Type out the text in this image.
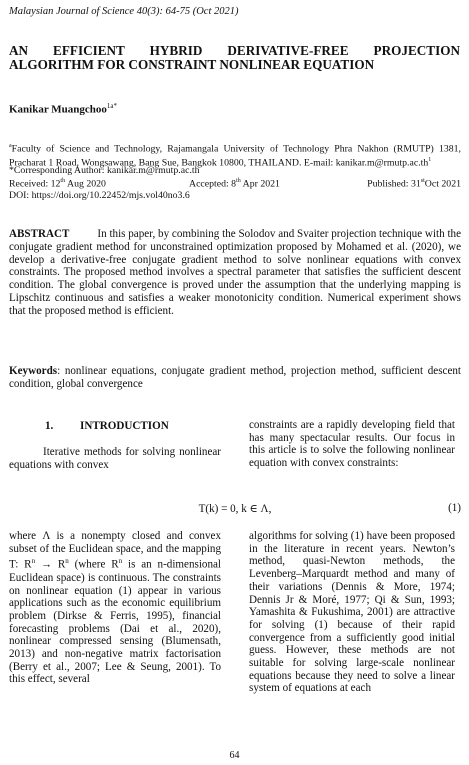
Malaysian Journal of Science 40(3): 64-75 (Oct 2021)
AN EFFICIENT HYBRID DERIVATIVE-FREE PROJECTION
ALGORITHM FOR CONSTRAINT NONLINEAR EQUATION
Kanikar Muangchoo$^{1a*}$
$^a$Faculty of Science and Technology, Rajamangala University of Technology Phra Nakhon (RMUTP) 1381, Pracharat 1 Road, Wongsawang, Bang Sue, Bangkok 10800, THAILAND. E-mail: $kanikar.m@rmutp.ac.th^1$
*Corresponding Author: kanikar.m@rmutp.ac.th
Received: 12th Aug 2020	Accepted: 8th Apr 2021	Published: 31stOct 2021
DOI: https://doi.org/10.22452/mjs.vol40no3.6
ABSTRACT	In this paper, by combining the Solodov and Svaiter projection technique with the conjugate gradient method for unconstrained optimization proposed by Mohamed et al. (2020), we develop a derivative-free conjugate gradient method to solve nonlinear equations with convex constraints. The proposed method involves a spectral parameter that satisfies the sufficient descent condition. The global convergence is proved under the assumption that the underlying mapping is Lipschitz continuous and satisfies a weaker monotonicity condition. Numerical experiment shows that the proposed method is efficient.
Keywords: nonlinear equations, conjugate gradient method, projection method, sufficient descent condition, global convergence
1. INTRODUCTION
Iterative methods for solving nonlinear equations with convex
constraints are a rapidly developing field that has many spectacular results. Our focus in this article is to solve the following nonlinear equation with convex constraints:
T(k) = 0, k ∈ Λ,	(1)
where Λ is a nonempty closed and convex subset of the Euclidean space, and the mapping T: $R^n \to R^n$ (where $R^n$ is an n-dimensional Euclidean space) is continuous. The constraints on nonlinear equation (1) appear in various applications such as the economic equilibrium problem (Dirkse & Ferris, 1995), financial forecasting problems (Dai et al., 2020), nonlinear compressed sensing (Blumensath, 2013) and non-negative matrix factorisation (Berry et al., 2007; Lee & Seung, 2001). To this effect, several
algorithms for solving (1) have been proposed in the literature in recent years. Newton’s method, quasi-Newton methods, the Levenberg–Marquardt method and many of their variations (Dennis & More, 1974; Dennis Jr & Moré, 1977; Qi & Sun, 1993; Yamashita & Fukushima, 2001) are attractive for solving (1) because of their rapid convergence from a sufficiently good initial guess. However, these methods are not suitable for solving large-scale nonlinear equations because they need to solve a linear system of equations at each
64
